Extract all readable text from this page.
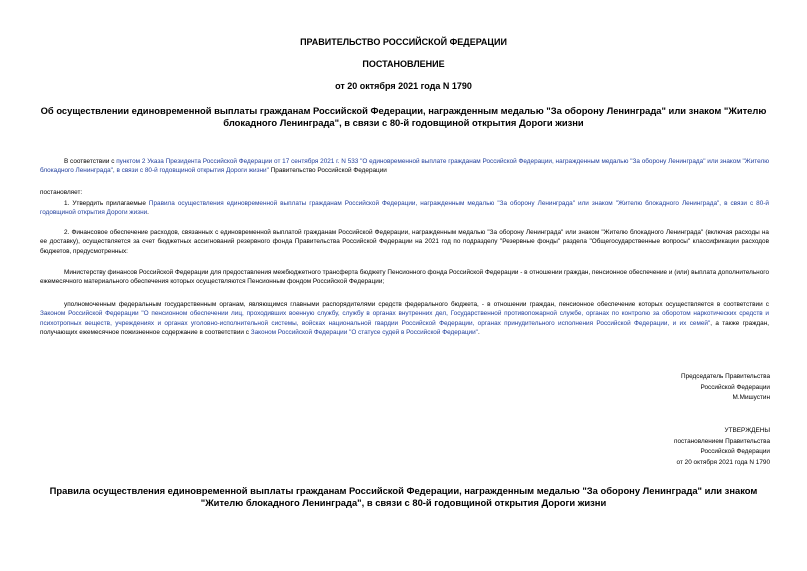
ПРАВИТЕЛЬСТВО РОССИЙСКОЙ ФЕДЕРАЦИИ
ПОСТАНОВЛЕНИЕ
от 20 октября 2021 года N 1790
Об осуществлении единовременной выплаты гражданам Российской Федерации, награжденным медалью "За оборону Ленинграда" или знаком "Жителю блокадного Ленинграда", в связи с 80-й годовщиной открытия Дороги жизни
В соответствии с пунктом 2 Указа Президента Российской Федерации от 17 сентября 2021 г. N 533 "О единовременной выплате гражданам Российской Федерации, награжденным медалью "За оборону Ленинграда" или знаком "Жителю блокадного Ленинграда", в связи с 80-й годовщиной открытия Дороги жизни" Правительство Российской Федерации
постановляет:
1. Утвердить прилагаемые Правила осуществления единовременной выплаты гражданам Российской Федерации, награжденным медалью "За оборону Ленинграда" или знаком "Жителю блокадного Ленинграда", в связи с 80-й годовщиной открытия Дороги жизни.
2. Финансовое обеспечение расходов, связанных с единовременной выплатой гражданам Российской Федерации, награжденным медалью "За оборону Ленинграда" или знаком "Жителю блокадного Ленинграда" (включая расходы на ее доставку), осуществляется за счет бюджетных ассигнований резервного фонда Правительства Российской Федерации на 2021 год по подразделу "Резервные фонды" раздела "Общегосударственные вопросы" классификации расходов бюджетов, предусмотренных:
Министерству финансов Российской Федерации для предоставления межбюджетного трансферта бюджету Пенсионного фонда Российской Федерации - в отношении граждан, пенсионное обеспечение и (или) выплата дополнительного ежемесячного материального обеспечения которых осуществляются Пенсионным фондом Российской Федерации;
уполномоченным федеральным государственным органам, являющимся главными распорядителями средств федерального бюджета, - в отношении граждан, пенсионное обеспечение которых осуществляется в соответствии с Законом Российской Федерации "О пенсионном обеспечении лиц, проходивших военную службу, службу в органах внутренних дел, Государственной противопожарной службе, органах по контролю за оборотом наркотических средств и психотропных веществ, учреждениях и органах уголовно-исполнительной системы, войсках национальной гвардии Российской Федерации, органах принудительного исполнения Российской Федерации, и их семей", а также граждан, получающих ежемесячное пожизненное содержание в соответствии с Законом Российской Федерации "О статусе судей в Российской Федерации".
Председатель Правительства
Российской Федерации
М.Мишустин
УТВЕРЖДЕНЫ
постановлением Правительства
Российской Федерации
от 20 октября 2021 года N 1790
Правила осуществления единовременной выплаты гражданам Российской Федерации, награжденным медалью "За оборону Ленинграда" или знаком "Жителю блокадного Ленинграда", в связи с 80-й годовщиной открытия Дороги жизни
